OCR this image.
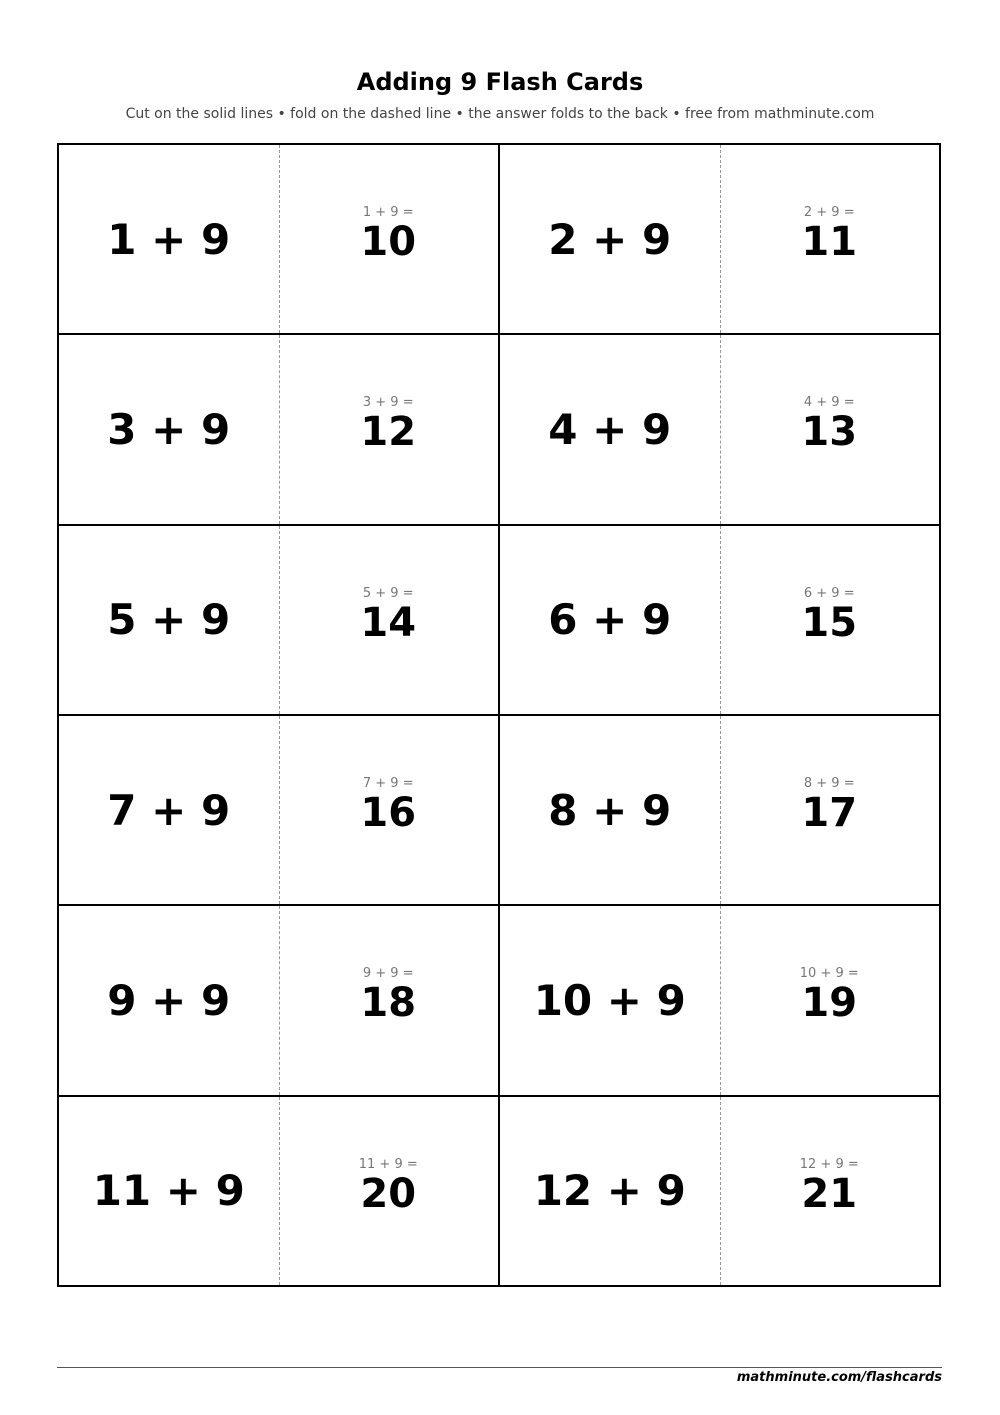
Adding 9 Flash Cards
Cut on the solid lines • fold on the dashed line • the answer folds to the back • free from mathminute.com
1 + 9
1 + 9 =
10	2 + 9
2 + 9 =
11
3 + 9
3 + 9 =
12	4 + 9
4 + 9 =
13
5 + 9
5 + 9 =
14	6 + 9
6 + 9 =
15
7 + 9
7 + 9 =
16	8 + 9
8 + 9 =
17
9 + 9
9 + 9 =
18	10 + 9
10 + 9 =
19
11 + 9
11 + 9 =
20	12 + 9
12 + 9 =
21
mathminute.com/flashcards
